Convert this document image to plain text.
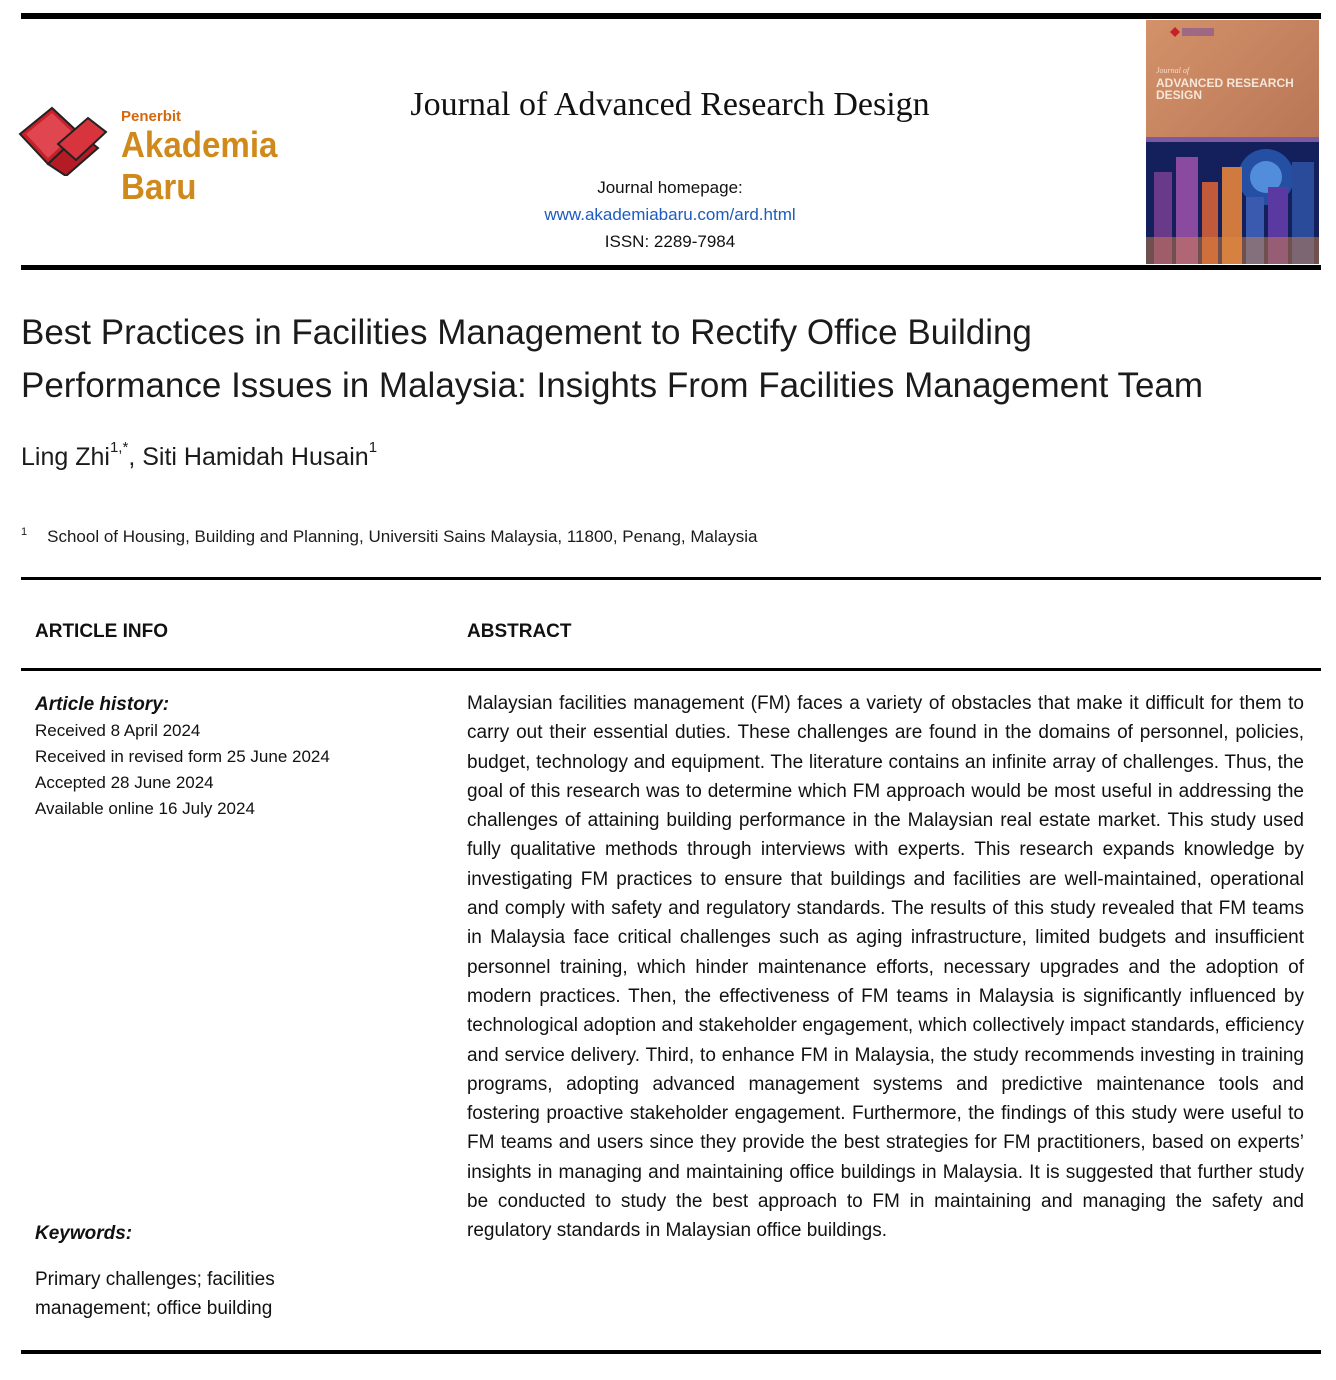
Penerbit
Akademia Baru
Journal of Advanced Research Design
Journal homepage:
www.akademiabaru.com/ard.html
ISSN: 2289-7984
Journal of
ADVANCED RESEARCH DESIGN
Best Practices in Facilities Management to Rectify Office Building
Performance Issues in Malaysia: Insights From Facilities Management Team
Ling Zhi$^{1,*}$, Siti Hamidah Husain$^1$
$^1$ School of Housing, Building and Planning, Universiti Sains Malaysia, 11800, Penang, Malaysia
ARTICLE INFO	ABSTRACT
Article history:
Received 8 April 2024
Received in revised form 25 June 2024
Accepted 28 June 2024
Available online 16 July 2024
Keywords:
Primary challenges; facilities management; office building
Malaysian facilities management (FM) faces a variety of obstacles that make it difficult for them to carry out their essential duties. These challenges are found in the domains of personnel, policies, budget, technology and equipment. The literature contains an infinite array of challenges. Thus, the goal of this research was to determine which FM approach would be most useful in addressing the challenges of attaining building performance in the Malaysian real estate market. This study used fully qualitative methods through interviews with experts. This research expands knowledge by investigating FM practices to ensure that buildings and facilities are well-maintained, operational and comply with safety and regulatory standards. The results of this study revealed that FM teams in Malaysia face critical challenges such as aging infrastructure, limited budgets and insufficient personnel training, which hinder maintenance efforts, necessary upgrades and the adoption of modern practices. Then, the effectiveness of FM teams in Malaysia is significantly influenced by technological adoption and stakeholder engagement, which collectively impact standards, efficiency and service delivery. Third, to enhance FM in Malaysia, the study recommends investing in training programs, adopting advanced management systems and predictive maintenance tools and fostering proactive stakeholder engagement. Furthermore, the findings of this study were useful to FM teams and users since they provide the best strategies for FM practitioners, based on experts’ insights in managing and maintaining office buildings in Malaysia. It is suggested that further study be conducted to study the best approach to FM in maintaining and managing the safety and regulatory standards in Malaysian office buildings.
